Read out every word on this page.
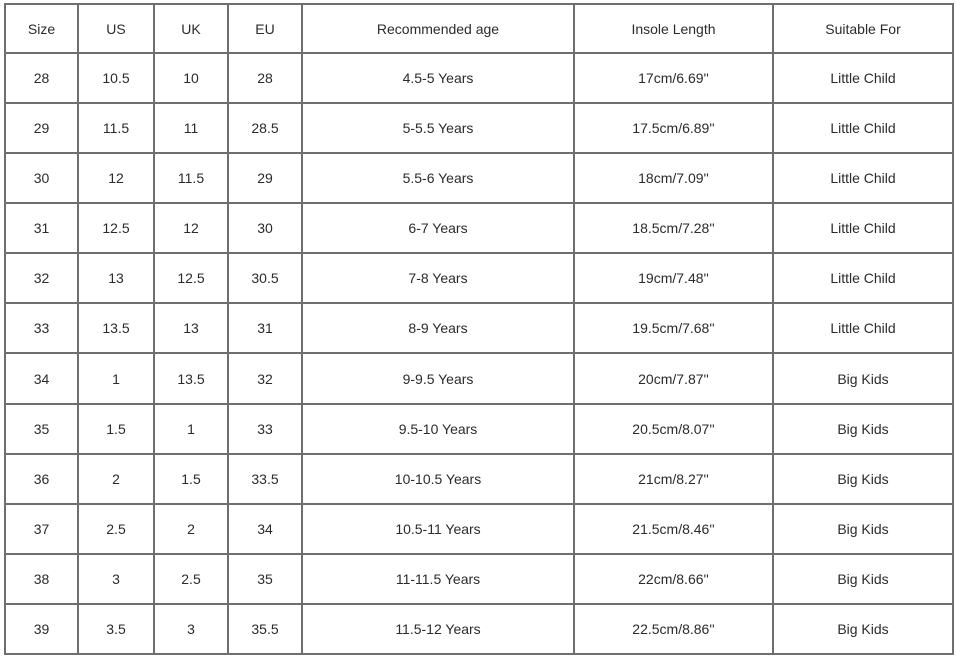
Size	US	UK	EU	Recommended age	Insole Length	Suitable For
28	10.5	10	28	4.5-5 Years	17cm/6.69''	Little Child
29	11.5	11	28.5	5-5.5 Years	17.5cm/6.89''	Little Child
30	12	11.5	29	5.5-6 Years	18cm/7.09''	Little Child
31	12.5	12	30	6-7 Years	18.5cm/7.28''	Little Child
32	13	12.5	30.5	7-8 Years	19cm/7.48''	Little Child
33	13.5	13	31	8-9 Years	19.5cm/7.68''	Little Child
34	1	13.5	32	9-9.5 Years	20cm/7.87''	Big Kids
35	1.5	1	33	9.5-10 Years	20.5cm/8.07''	Big Kids
36	2	1.5	33.5	10-10.5 Years	21cm/8.27''	Big Kids
37	2.5	2	34	10.5-11 Years	21.5cm/8.46''	Big Kids
38	3	2.5	35	11-11.5 Years	22cm/8.66''	Big Kids
39	3.5	3	35.5	11.5-12 Years	22.5cm/8.86''	Big Kids
